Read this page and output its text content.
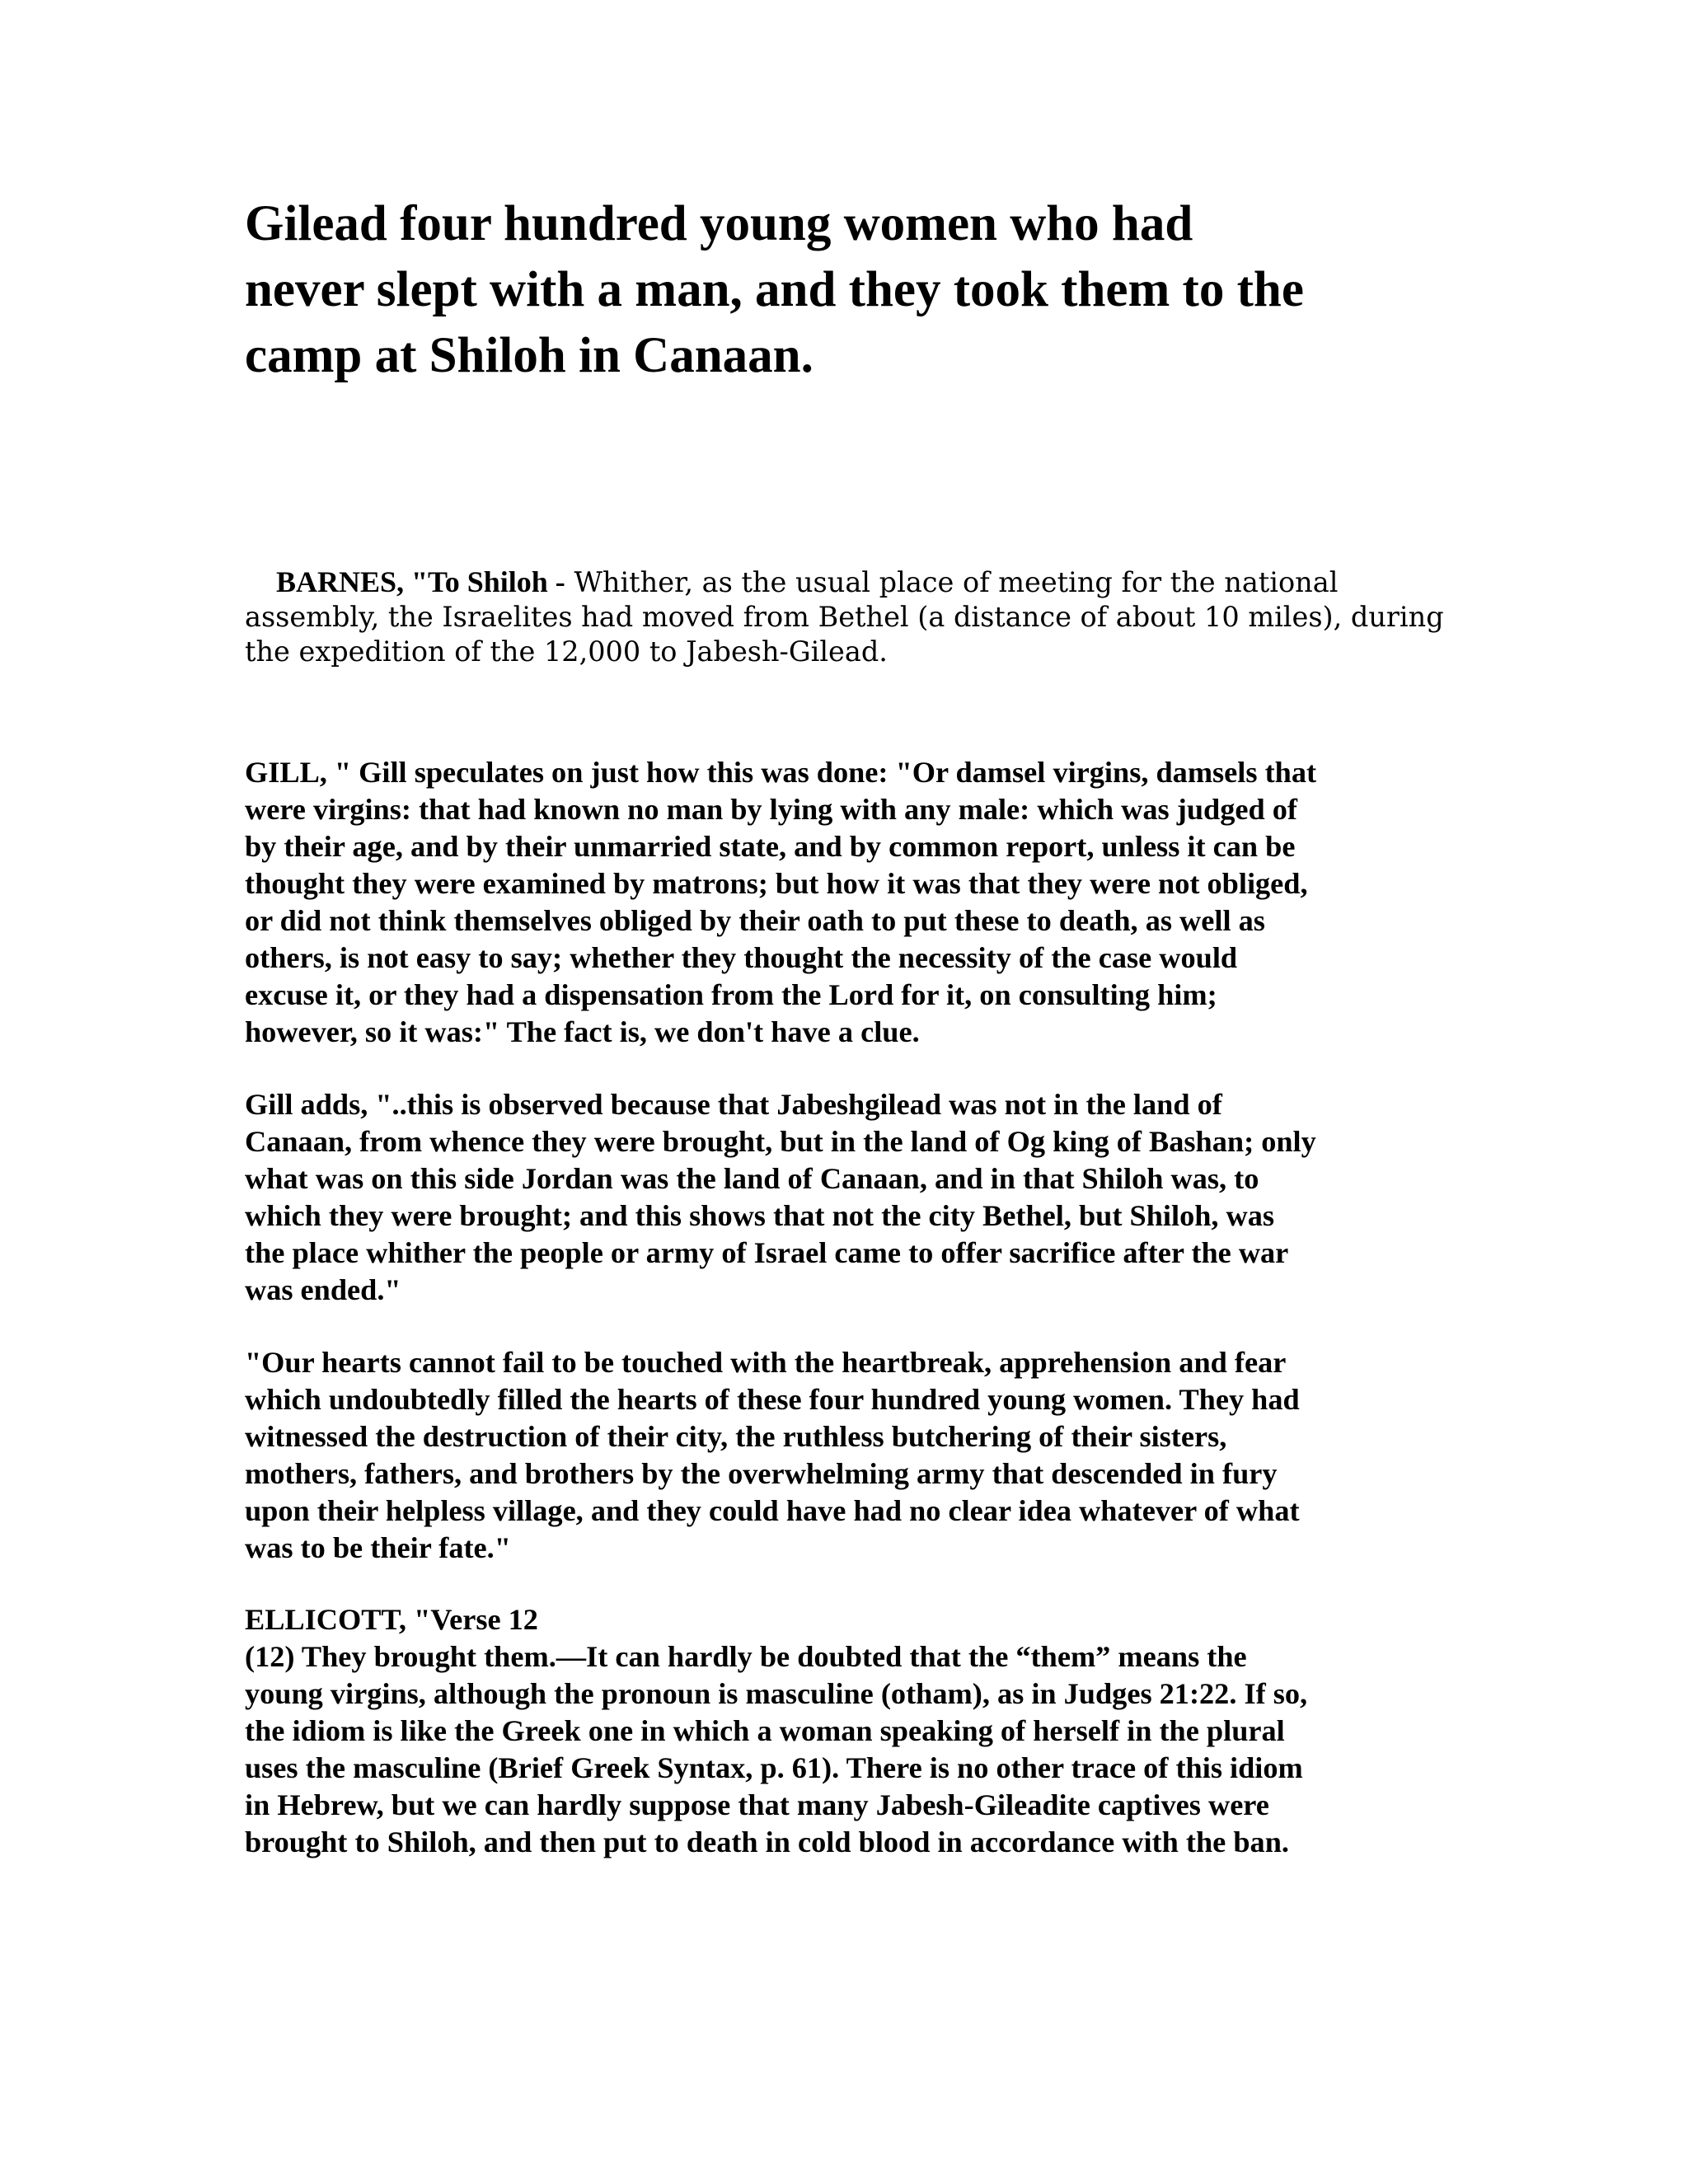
Gilead four hundred young women who had
never slept with a man, and they took them to the
camp at Shiloh in Canaan.

BARNES, "To Shiloh - Whither, as the usual place of meeting for the national
assembly, the Israelites had moved from Bethel (a distance of about 10 miles), during
the expedition of the 12,000 to Jabesh-Gilead.

GILL, " Gill speculates on just how this was done: "Or damsel virgins, damsels that
were virgins: that had known no man by lying with any male: which was judged of
by their age, and by their unmarried state, and by common report, unless it can be
thought they were examined by matrons; but how it was that they were not obliged,
or did not think themselves obliged by their oath to put these to death, as well as
others, is not easy to say; whether they thought the necessity of the case would
excuse it, or they had a dispensation from the Lord for it, on consulting him;
however, so it was:" The fact is, we don't have a clue.

Gill adds, "..this is observed because that Jabeshgilead was not in the land of
Canaan, from whence they were brought, but in the land of Og king of Bashan; only
what was on this side Jordan was the land of Canaan, and in that Shiloh was, to
which they were brought; and this shows that not the city Bethel, but Shiloh, was
the place whither the people or army of Israel came to offer sacrifice after the war
was ended."

"Our hearts cannot fail to be touched with the heartbreak, apprehension and fear
which undoubtedly filled the hearts of these four hundred young women. They had
witnessed the destruction of their city, the ruthless butchering of their sisters,
mothers, fathers, and brothers by the overwhelming army that descended in fury
upon their helpless village, and they could have had no clear idea whatever of what
was to be their fate."

ELLICOTT, "Verse 12
(12) They brought them.—It can hardly be doubted that the “them” means the
young virgins, although the pronoun is masculine (otham), as in Judges 21:22. If so,
the idiom is like the Greek one in which a woman speaking of herself in the plural
uses the masculine (Brief Greek Syntax, p. 61). There is no other trace of this idiom
in Hebrew, but we can hardly suppose that many Jabesh-Gileadite captives were
brought to Shiloh, and then put to death in cold blood in accordance with the ban.
